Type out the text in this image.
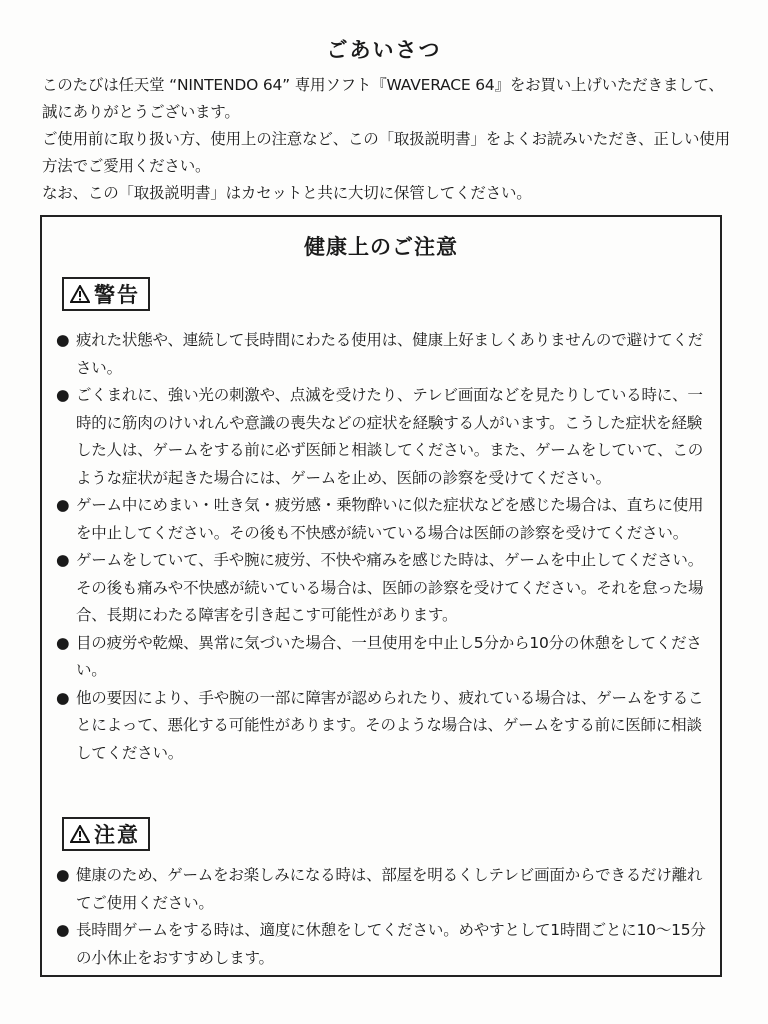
ごあいさつ

このたびは任天堂 “NINTENDO 64” 専用ソフト『WAVERACE 64』をお買い上げいただきまして、誠にありがとうございます。

ご使用前に取り扱い方、使用上の注意など、この「取扱説明書」をよくお読みいただき、正しい使用方法でご愛用ください。

なお、この「取扱説明書」はカセットと共に大切に保管してください。

健康上のご注意
警告
● 疲れた状態や、連続して長時間にわたる使用は、健康上好ましくありませんので避けてください。
● ごくまれに、強い光の刺激や、点滅を受けたり、テレビ画面などを見たりしている時に、一時的に筋肉のけいれんや意識の喪失などの症状を経験する人がいます。こうした症状を経験した人は、ゲームをする前に必ず医師と相談してください。また、ゲームをしていて、このような症状が起きた場合には、ゲームを止め、医師の診察を受けてください。
● ゲーム中にめまい・吐き気・疲労感・乗物酔いに似た症状などを感じた場合は、直ちに使用を中止してください。その後も不快感が続いている場合は医師の診察を受けてください。
● ゲームをしていて、手や腕に疲労、不快や痛みを感じた時は、ゲームを中止してください。その後も痛みや不快感が続いている場合は、医師の診察を受けてください。それを怠った場合、長期にわたる障害を引き起こす可能性があります。
● 目の疲労や乾燥、異常に気づいた場合、一旦使用を中止し5分から10分の休憩をしてください。
● 他の要因により、手や腕の一部に障害が認められたり、疲れている場合は、ゲームをすることによって、悪化する可能性があります。そのような場合は、ゲームをする前に医師に相談してください。
注意
● 健康のため、ゲームをお楽しみになる時は、部屋を明るくしテレビ画面からできるだけ離れてご使用ください。
● 長時間ゲームをする時は、適度に休憩をしてください。めやすとして1時間ごとに10〜15分の小休止をおすすめします。
